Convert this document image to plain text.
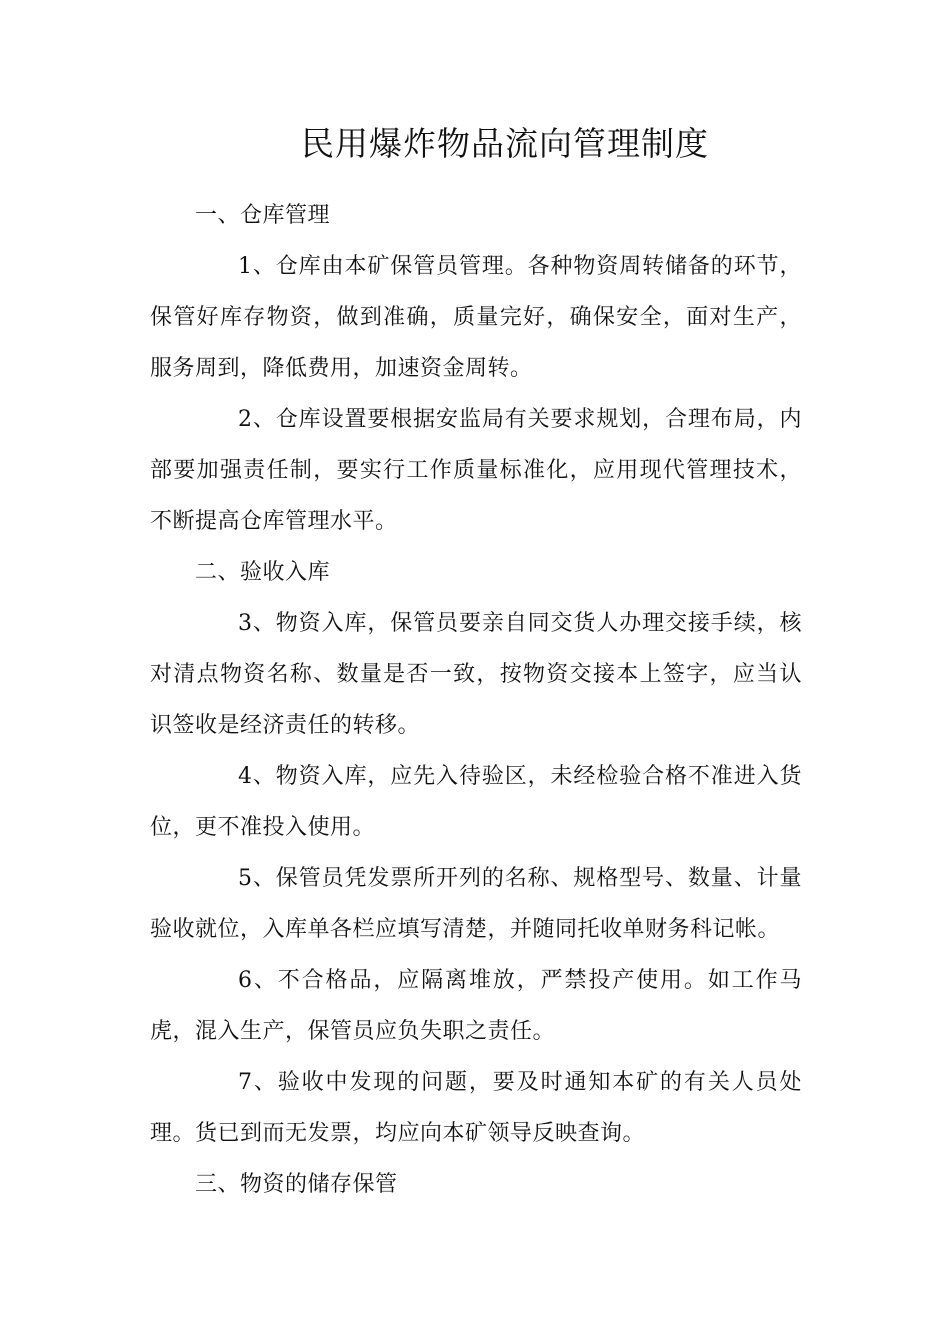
民用爆炸物品流向管理制度

一、仓库管理

1、仓库由本矿保管员管理。各种物资周转储备的环节，保管好库存物资，做到准确，质量完好，确保安全，面对生产，服务周到，降低费用，加速资金周转。

2、仓库设置要根据安监局有关要求规划，合理布局，内部要加强责任制，要实行工作质量标准化，应用现代管理技术，不断提高仓库管理水平。

二、验收入库

3、物资入库，保管员要亲自同交货人办理交接手续，核对清点物资名称、数量是否一致，按物资交接本上签字，应当认识签收是经济责任的转移。

4、物资入库，应先入待验区，未经检验合格不准进入货位，更不准投入使用。

5、保管员凭发票所开列的名称、规格型号、数量、计量验收就位，入库单各栏应填写清楚，并随同托收单财务科记帐。

6、不合格品，应隔离堆放，严禁投产使用。如工作马虎，混入生产，保管员应负失职之责任。

7、验收中发现的问题，要及时通知本矿的有关人员处理。货已到而无发票，均应向本矿领导反映查询。

三、物资的储存保管
